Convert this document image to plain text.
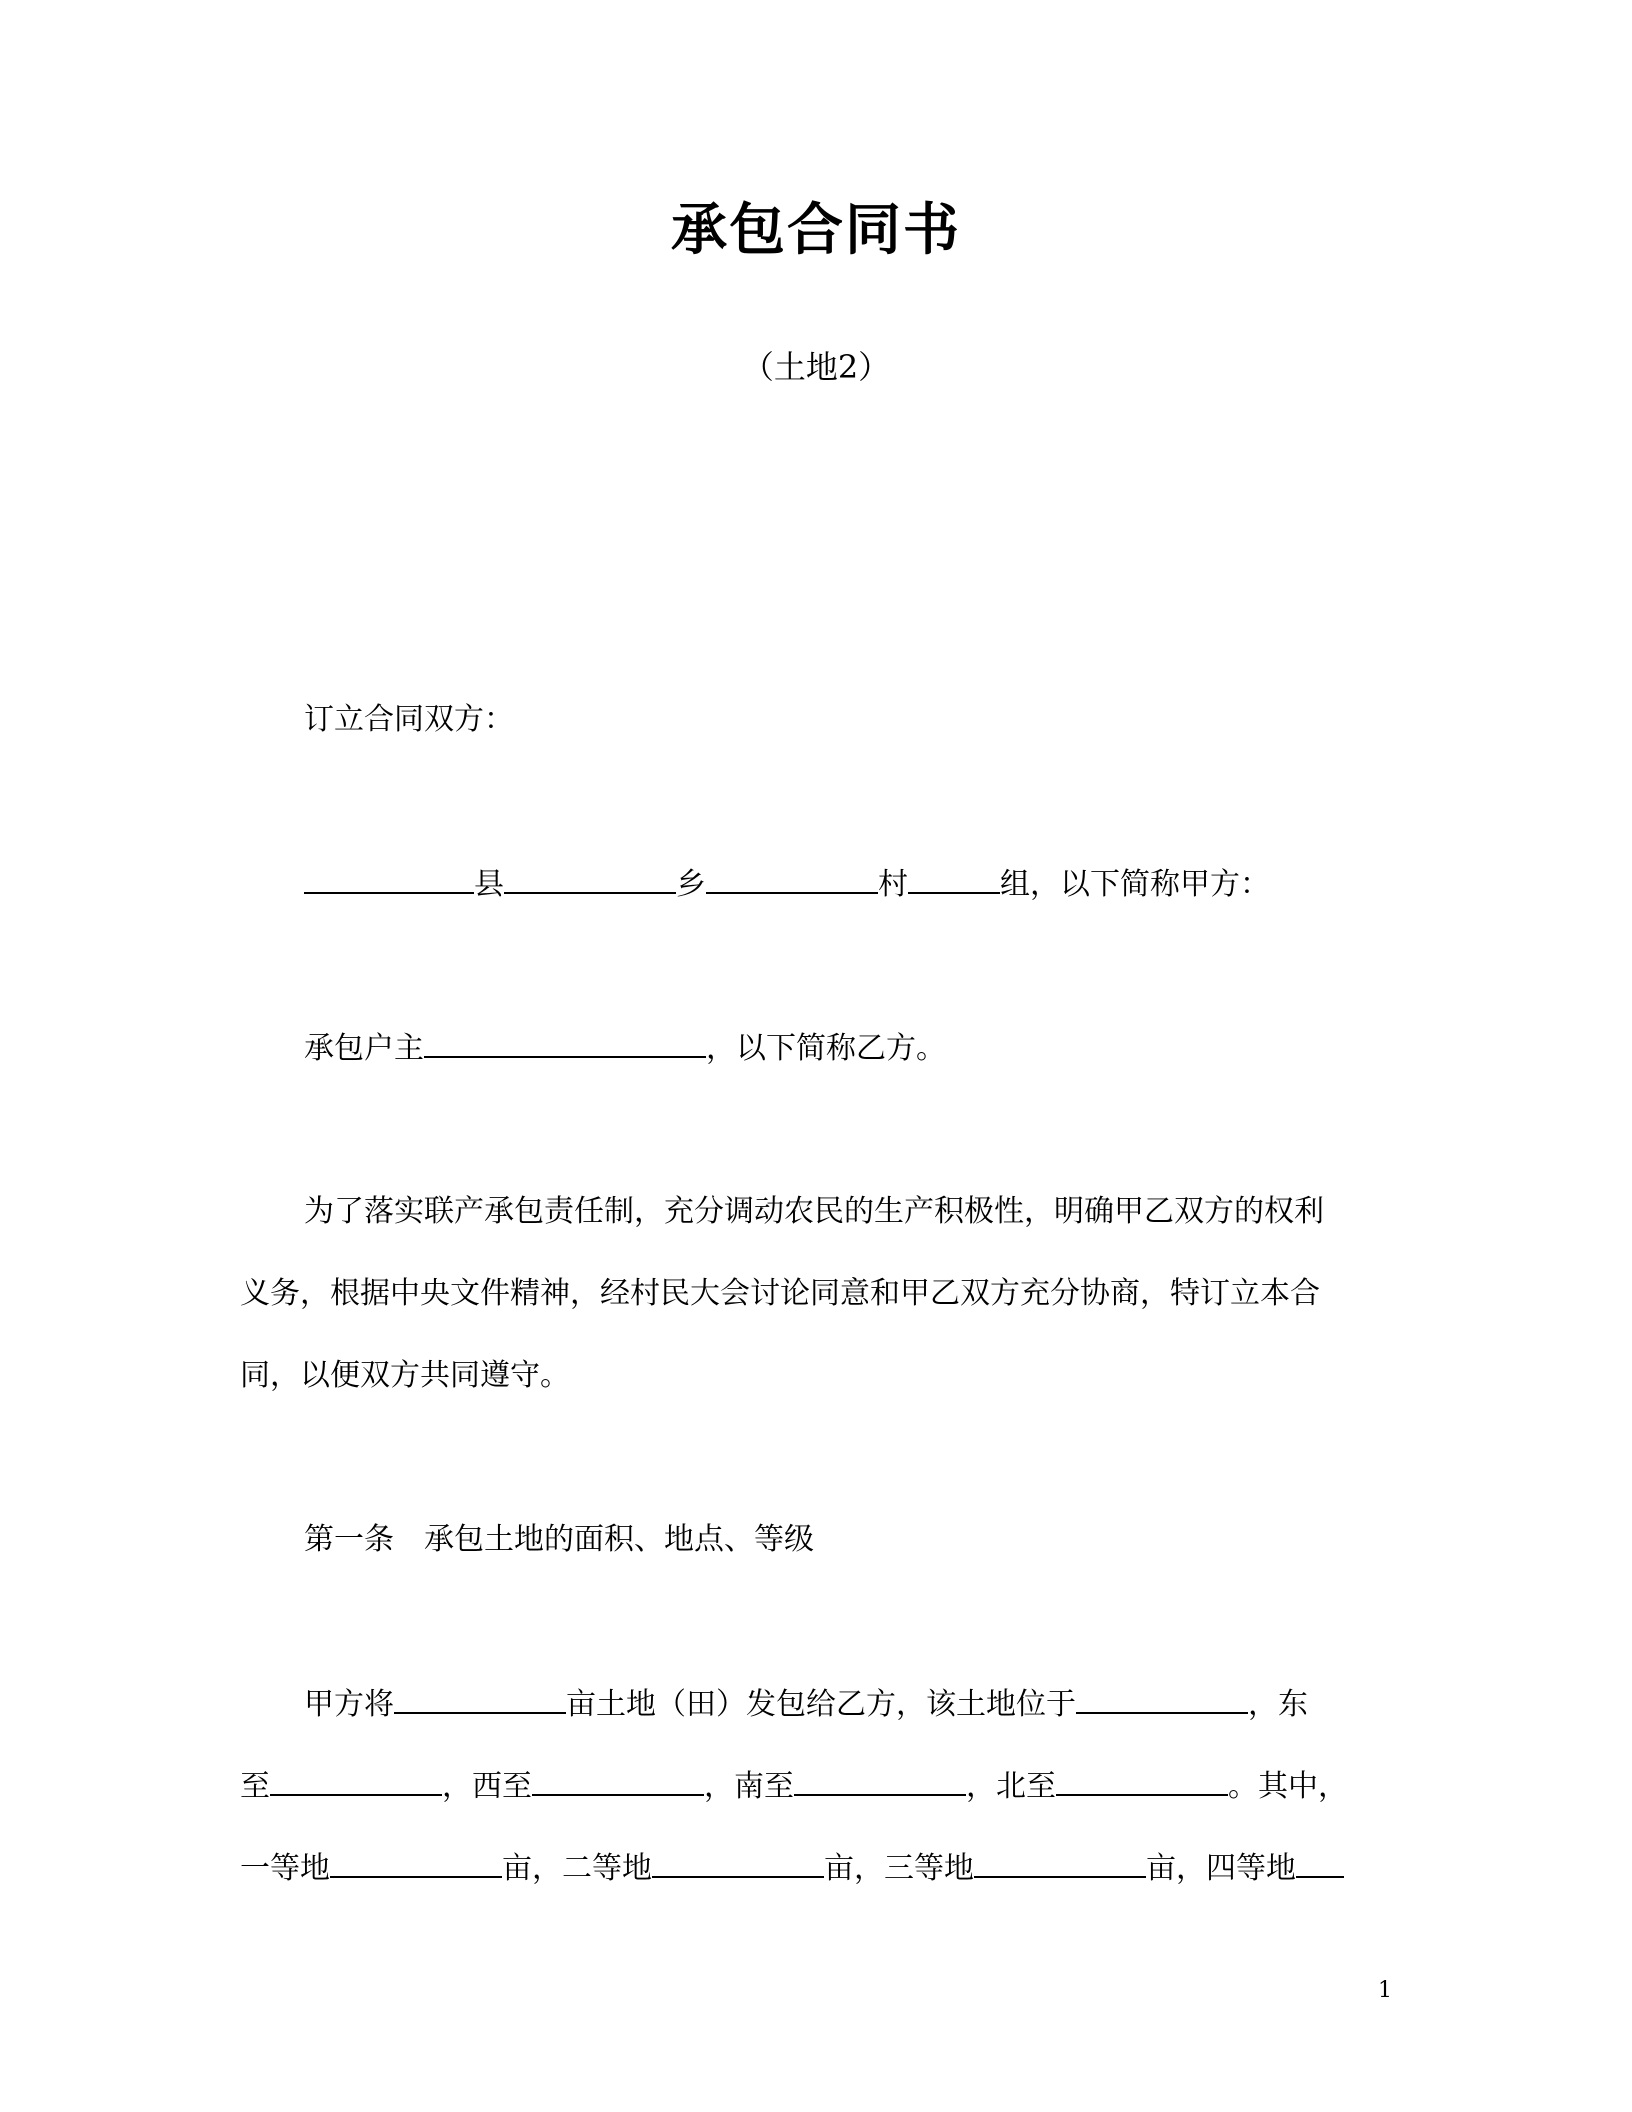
承包合同书
（土地2）
订立合同双方：
县	乡	村	组，以下简称甲方：
承包户主	，以下简称乙方。
为了落实联产承包责任制，充分调动农民的生产积极性，明确甲乙双方的权利
义务，根据中央文件精神，经村民大会讨论同意和甲乙双方充分协商，特订立本合
同，以便双方共同遵守。
第一条　承包土地的面积、地点、等级
甲方将	亩土地（田）发包给乙方，该土地位于	，东
至	，西至	，南至	，北至	。其中，
一等地	亩，二等地	亩，三等地	亩，四等地
1
